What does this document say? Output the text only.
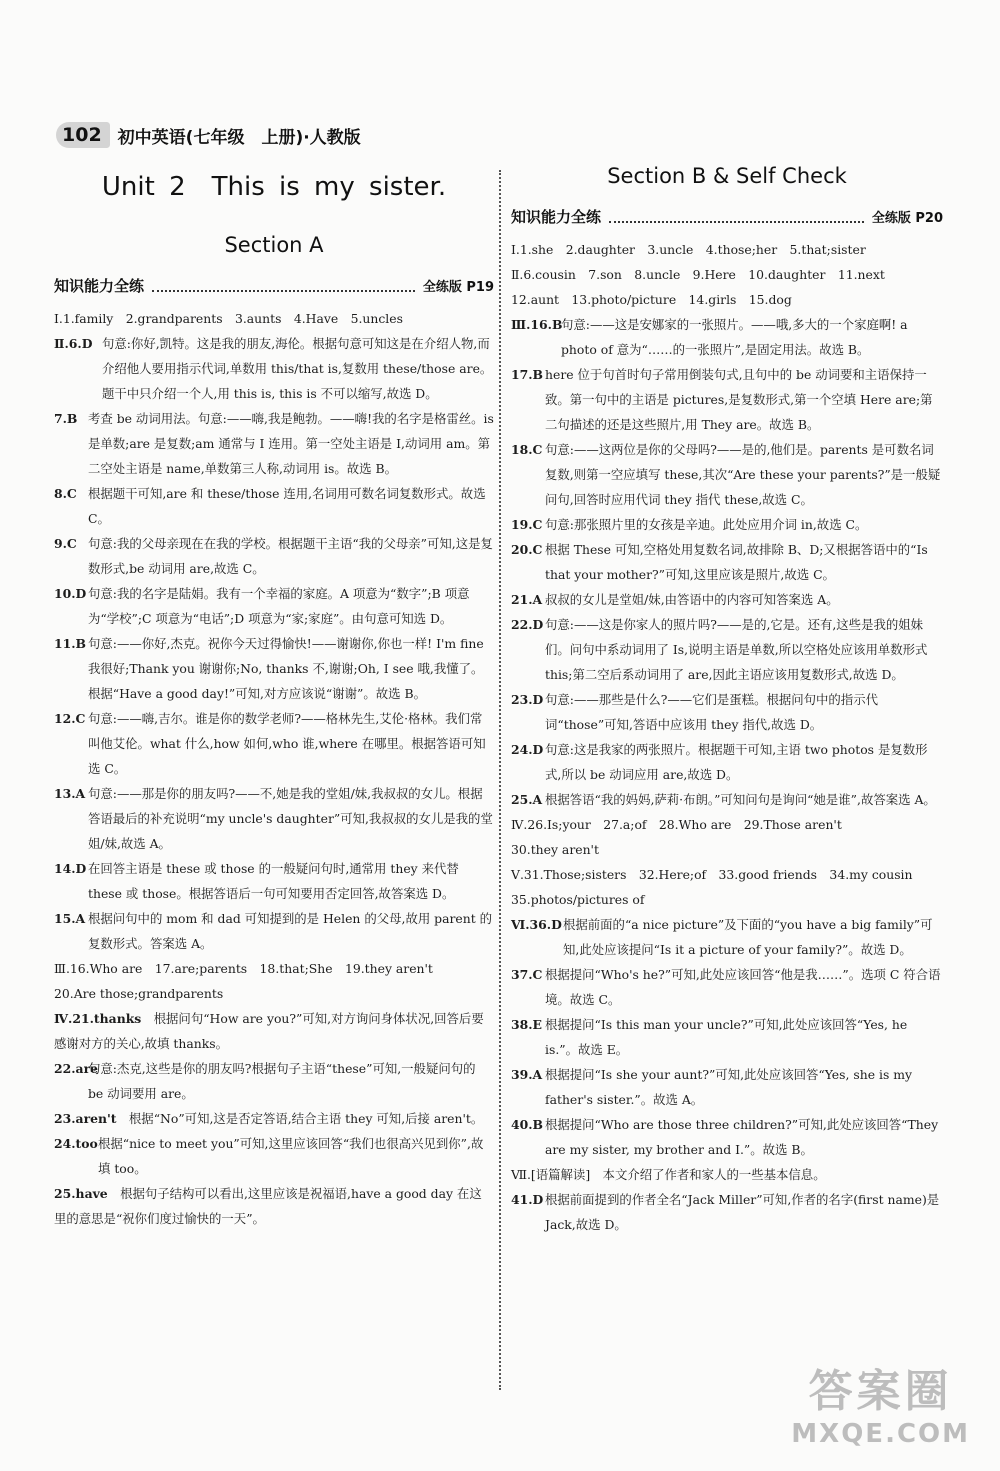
102 初中英语(七年级　上册)·人教版
Unit 2　This is my sister.
Section A
知识能力全练	全练版 P19

Ⅰ.1.family　2.grandparents　3.aunts　4.Have　5.uncles

Ⅱ.6.D 句意:你好,凯特。这是我的朋友,海伦。根据句意可知这是在介绍人物,而介绍他人要用指示代词,单数用 this/that is,复数用 these/those are。题干中只介绍一个人,用 this is, this is 不可以缩写,故选 D。

7.B 考查 be 动词用法。句意:——嗨,我是鲍勃。——嗨!我的名字是格雷丝。is 是单数;are 是复数;am 通常与 I 连用。第一空处主语是 I,动词用 am。第二空处主语是 name,单数第三人称,动词用 is。故选 B。

8.C 根据题干可知,are 和 these/those 连用,名词用可数名词复数形式。故选 C。

9.C 句意:我的父母亲现在在我的学校。根据题干主语“我的父母亲”可知,这是复数形式,be 动词用 are,故选 C。

10.D 句意:我的名字是陆娟。我有一个幸福的家庭。A 项意为“数字”;B 项意为“学校”;C 项意为“电话”;D 项意为“家;家庭”。由句意可知选 D。

11.B 句意:——你好,杰克。祝你今天过得愉快!——谢谢你,你也一样! I'm fine 我很好;Thank you 谢谢你;No, thanks 不,谢谢;Oh, I see 哦,我懂了。根据“Have a good day!”可知,对方应该说“谢谢”。故选 B。

12.C 句意:——嗨,吉尔。谁是你的数学老师?——格林先生,艾伦·格林。我们常叫他艾伦。what 什么,how 如何,who 谁,where 在哪里。根据答语可知选 C。

13.A 句意:——那是你的朋友吗?——不,她是我的堂姐/妹,我叔叔的女儿。根据答语最后的补充说明“my uncle's daughter”可知,我叔叔的女儿是我的堂姐/妹,故选 A。

14.D 在回答主语是 these 或 those 的一般疑问句时,通常用 they 来代替 these 或 those。根据答语后一句可知要用否定回答,故答案选 D。

15.A 根据问句中的 mom 和 dad 可知提到的是 Helen 的父母,故用 parent 的复数形式。答案选 A。

Ⅲ.16.Who are　17.are;parents　18.that;She　19.they aren't

20.Are those;grandparents

Ⅳ.21.thanks　根据问句“How are you?”可知,对方询问身体状况,回答后要感谢对方的关心,故填 thanks。

22.are

句意:杰克,这些是你的朋友吗?根据句子主语“these”可知,一般疑问句的 be 动词要用 are。

23.aren't　根据“No”可知,这是否定答语,结合主语 they 可知,后接 aren't。

24.too 根据“nice to meet you”可知,这里应该回答“我们也很高兴见到你”,故填 too。

25.have　根据句子结构可以看出,这里应该是祝福语,have a good day 在这里的意思是“祝你们度过愉快的一天”。

Section B & Self Check
知识能力全练	全练版 P20

Ⅰ.1.she　2.daughter　3.uncle　4.those;her　5.that;sister

Ⅱ.6.cousin　7.son　8.uncle　9.Here　10.daughter　11.next

12.aunt　13.photo/picture　14.girls　15.dog

Ⅲ.16.B

句意:——这是安娜家的一张照片。——哦,多大的一个家庭啊! a photo of 意为“……的一张照片”,是固定用法。故选 B。

17.B here 位于句首时句子常用倒装句式,且句中的 be 动词要和主语保持一致。第一句中的主语是 pictures,是复数形式,第一个空填 Here are;第二句描述的还是这些照片,用 They are。故选 B。

18.C 句意:——这两位是你的父母吗?——是的,他们是。parents 是可数名词复数,则第一空应填写 these,其次“Are these your parents?”是一般疑问句,回答时应用代词 they 指代 these,故选 C。

19.C 句意:那张照片里的女孩是辛迪。此处应用介词 in,故选 C。

20.C 根据 These 可知,空格处用复数名词,故排除 B、D;又根据答语中的“Is that your mother?”可知,这里应该是照片,故选 C。

21.A 叔叔的女儿是堂姐/妹,由答语中的内容可知答案选 A。

22.D 句意:——这是你家人的照片吗?——是的,它是。还有,这些是我的姐妹们。问句中系动词用了 Is,说明主语是单数,所以空格处应该用单数形式 this;第二空后系动词用了 are,因此主语应该用复数形式,故选 D。

23.D 句意:——那些是什么?——它们是蛋糕。根据问句中的指示代词“those”可知,答语中应该用 they 指代,故选 D。

24.D 句意:这是我家的两张照片。根据题干可知,主语 two photos 是复数形式,所以 be 动词应用 are,故选 D。

25.A 根据答语“我的妈妈,萨莉·布朗。”可知问句是询问“她是谁”,故答案选 A。

Ⅳ.26.Is;your　27.a;of　28.Who are　29.Those aren't

30.they aren't

Ⅴ.31.Those;sisters　32.Here;of　33.good friends　34.my cousin

35.photos/pictures of

Ⅵ.36.D 根据前面的“a nice picture”及下面的“you have a big family”可知,此处应该提问“Is it a picture of your family?”。故选 D。

37.C 根据提问“Who's he?”可知,此处应该回答“他是我……”。选项 C 符合语境。故选 C。

38.E 根据提问“Is this man your uncle?”可知,此处应该回答“Yes, he is.”。故选 E。

39.A 根据提问“Is she your aunt?”可知,此处应该回答“Yes, she is my father's sister.”。故选 A。

40.B 根据提问“Who are those three children?”可知,此处应该回答“They are my sister, my brother and I.”。故选 B。

Ⅶ.[语篇解读]　本文介绍了作者和家人的一些基本信息。

41.D 根据前面提到的作者全名“Jack Miller”可知,作者的名字(first name)是 Jack,故选 D。

答案圈
MXQE.COM
